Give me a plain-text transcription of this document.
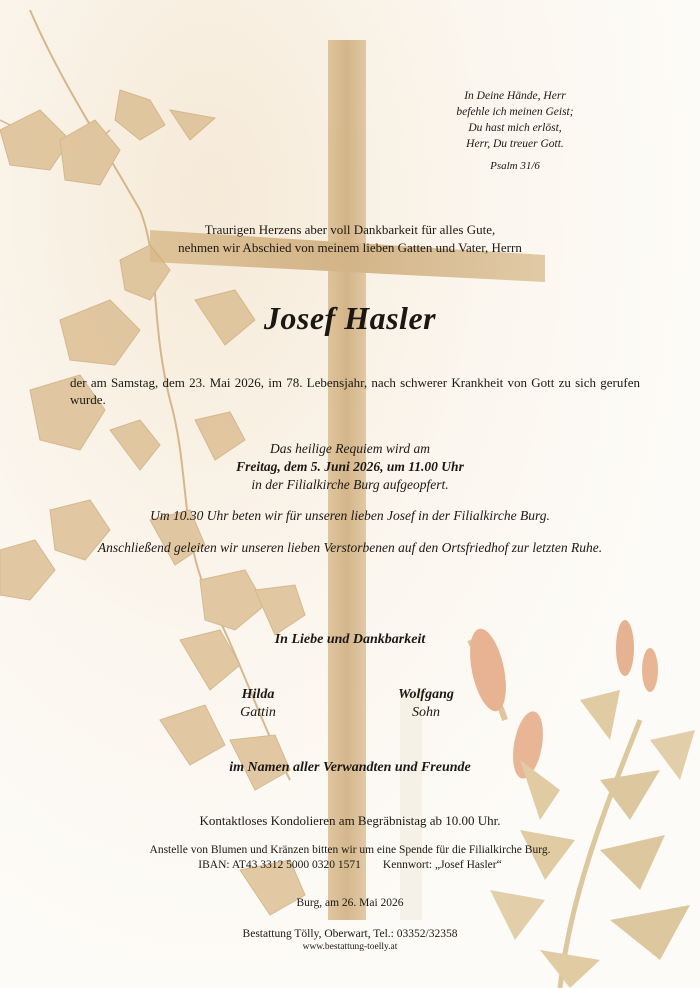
In Deine Hände, Herr
befehle ich meinen Geist;
Du hast mich erlöst,
Herr, Du treuer Gott.
Psalm 31/6
Traurigen Herzens aber voll Dankbarkeit für alles Gute,
nehmen wir Abschied von meinem lieben Gatten und Vater, Herrn
Josef Hasler
der am Samstag, dem 23. Mai 2026, im 78. Lebensjahr, nach schwerer Krankheit von Gott zu sich gerufen wurde.
Das heilige Requiem wird am
Freitag, dem 5. Juni 2026, um 11.00 Uhr
in der Filialkirche Burg aufgeopfert.
Um 10.30 Uhr beten wir für unseren lieben Josef in der Filialkirche Burg.
Anschließend geleiten wir unseren lieben Verstorbenen auf den Ortsfriedhof zur letzten Ruhe.
In Liebe und Dankbarkeit
Hilda
Gattin
Wolfgang
Sohn
im Namen aller Verwandten und Freunde
Kontaktloses Kondolieren am Begräbnistag ab 10.00 Uhr.
Anstelle von Blumen und Kränzen bitten wir um eine Spende für die Filialkirche Burg.
IBAN: AT43 3312 5000 0320 1571 Kennwort: „Josef Hasler“
Burg, am 26. Mai 2026
Bestattung Tölly, Oberwart, Tel.: 03352/32358
www.bestattung-toelly.at
